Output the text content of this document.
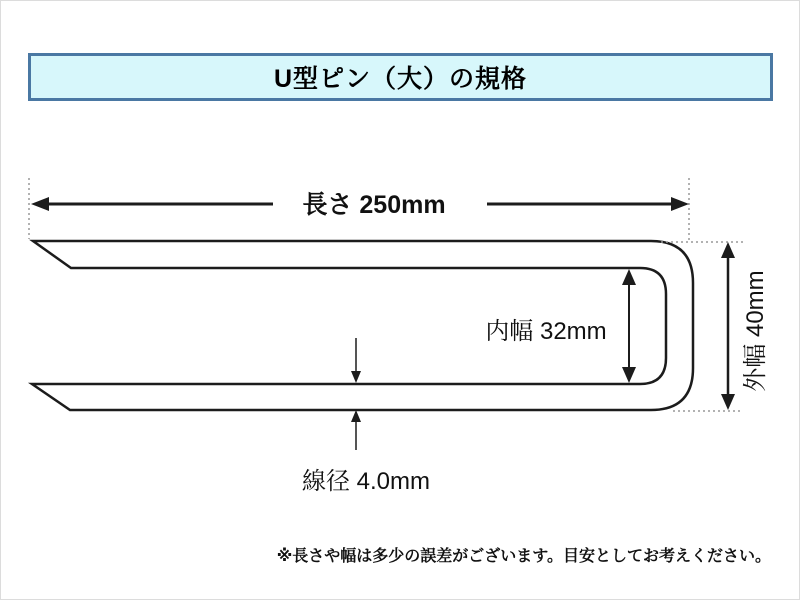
U型ピン（大）の規格
長さ 250mm
内幅 32mm	外幅 40mm
線径 4.0mm
※長さや幅は多少の誤差がございます。目安としてお考えください。
